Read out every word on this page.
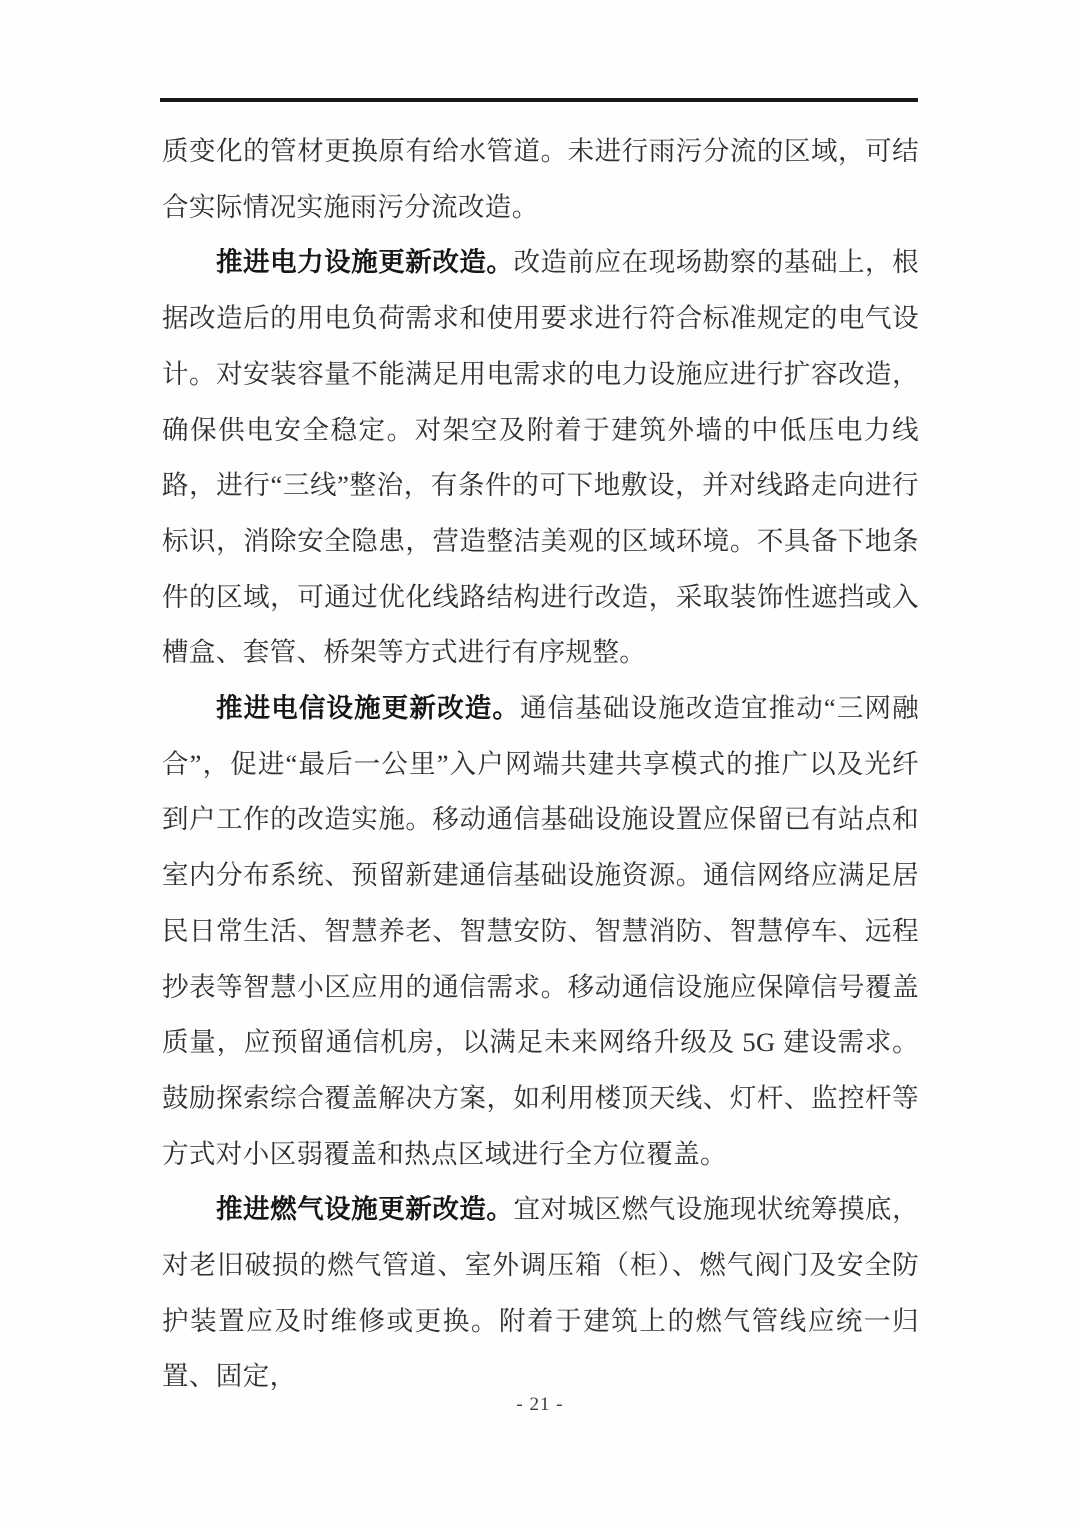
质变化的管材更换原有给水管道。未进行雨污分流的区域，可结合实际情况实施雨污分流改造。

推进电力设施更新改造。改造前应在现场勘察的基础上，根据改造后的用电负荷需求和使用要求进行符合标准规定的电气设计。对安装容量不能满足用电需求的电力设施应进行扩容改造，确保供电安全稳定。对架空及附着于建筑外墙的中低压电力线路，进行“三线”整治，有条件的可下地敷设，并对线路走向进行标识，消除安全隐患，营造整洁美观的区域环境。不具备下地条件的区域，可通过优化线路结构进行改造，采取装饰性遮挡或入槽盒、套管、桥架等方式进行有序规整。

推进电信设施更新改造。通信基础设施改造宜推动“三网融合”，促进“最后一公里”入户网端共建共享模式的推广以及光纤到户工作的改造实施。移动通信基础设施设置应保留已有站点和室内分布系统、预留新建通信基础设施资源。通信网络应满足居民日常生活、智慧养老、智慧安防、智慧消防、智慧停车、远程抄表等智慧小区应用的通信需求。移动通信设施应保障信号覆盖质量，应预留通信机房，以满足未来网络升级及 5G 建设需求。鼓励探索综合覆盖解决方案，如利用楼顶天线、灯杆、监控杆等方式对小区弱覆盖和热点区域进行全方位覆盖。

推进燃气设施更新改造。宜对城区燃气设施现状统筹摸底，对老旧破损的燃气管道、室外调压箱（柜）、燃气阀门及安全防护装置应及时维修或更换。附着于建筑上的燃气管线应统一归置、固定，

- 21 -
